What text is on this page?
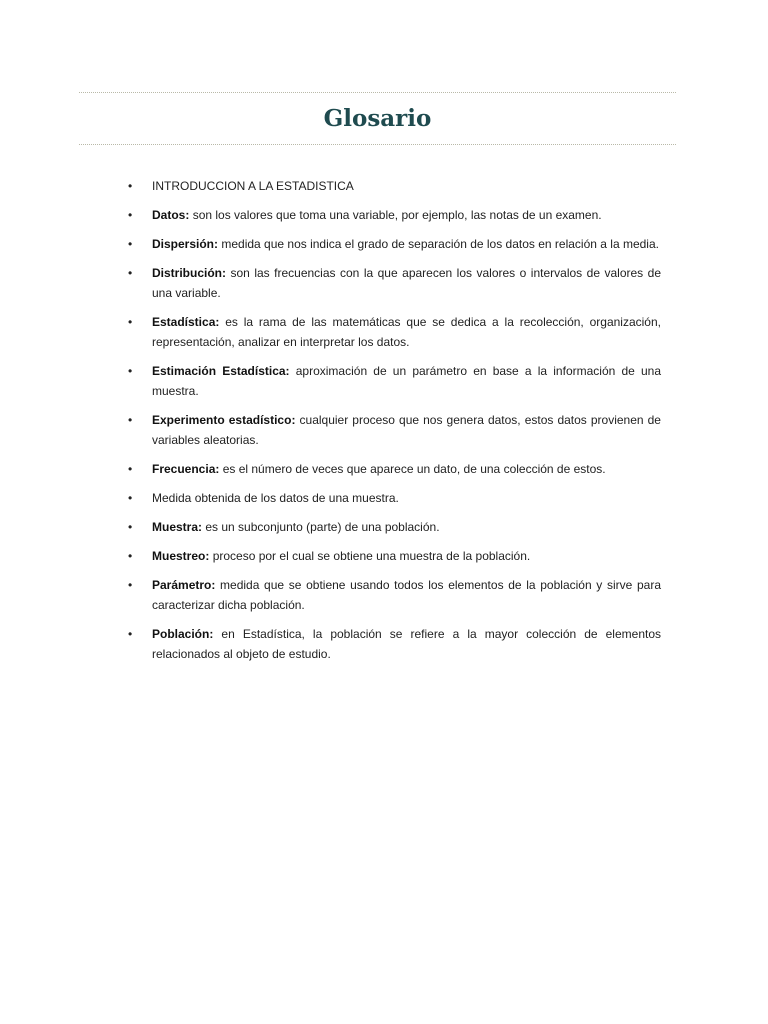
Glosario
•	INTRODUCCION A LA ESTADISTICA
•	Datos: son los valores que toma una variable, por ejemplo, las notas de un examen.
•	Dispersión: medida que nos indica el grado de separación de los datos en relación a la media.
•	Distribución: son las frecuencias con la que aparecen los valores o intervalos de valores de una variable.
•	Estadística: es la rama de las matemáticas que se dedica a la recolección, organización, representación, analizar en interpretar los datos.
•	Estimación Estadística: aproximación de un parámetro en base a la información de una muestra.
•	Experimento estadístico: cualquier proceso que nos genera datos, estos datos provienen de variables aleatorias.
•	Frecuencia: es el número de veces que aparece un dato, de una colección de estos.
•	Medida obtenida de los datos de una muestra.
•	Muestra: es un subconjunto (parte) de una población.
•	Muestreo: proceso por el cual se obtiene una muestra de la población.
•	Parámetro: medida que se obtiene usando todos los elementos de la población y sirve para caracterizar dicha población.
•	Población: en Estadística, la población se refiere a la mayor colección de elementos relacionados al objeto de estudio.
